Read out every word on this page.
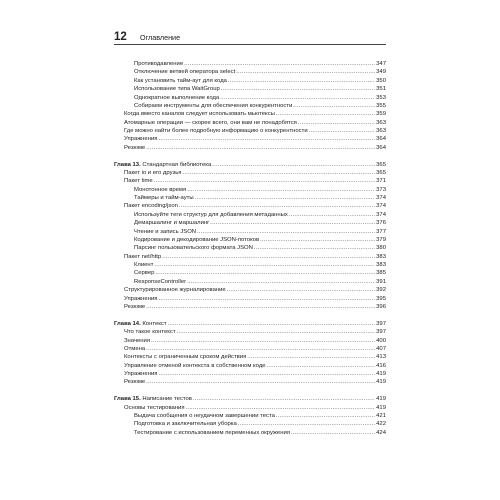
12 Оглавление
Противодавление .....	347
Отключение ветвей оператора select .....	349
Как установить тайм-аут для кода .....	350
Использование типа WaitGroup .....	351
Однократное выполнение кода .....	353
Собираем инструменты для обеспечения конкурентности .....	355
Когда вместо каналов следует использовать мьютексы .....	359
Атомарные операции — скорее всего, они вам не понадобятся .....	363
Где можно найти более подробную информацию о конкурентности .....	363
Упражнения .....	364
Резюме .....	364
Глава 13. Стандартная библиотека .....	365
Пакет io и его друзья .....	365
Пакет time .....	371
Монотонное время .....	373
Таймеры и тайм-ауты .....	374
Пакет encoding/json .....	374
Используйте теги структур для добавления метаданных .....	374
Демаршалинг и маршалинг .....	376
Чтение и запись JSON .....	377
Кодирование и декодирование JSON-потоков .....	379
Парсинг пользовательского формата JSON .....	380
Пакет net/http .....	383
Клиент .....	383
Сервер .....	385
ResponseController .....	391
Структурированное журналирование .....	392
Упражнения .....	395
Резюме .....	396
Глава 14. Контекст .....	397
Что такое контекст .....	397
Значения .....	400
Отмена .....	407
Контексты с ограниченным сроком действия .....	413
Управление отменой контекста в собственном коде .....	416
Упражнения .....	419
Резюме .....	419
Глава 15. Написание тестов .....	419
Основы тестирования .....	419
Выдача сообщения о неудачном завершении теста .....	421
Подготовка и заключительная уборка .....	422
Тестирование с использованием переменных окружения .....	424
